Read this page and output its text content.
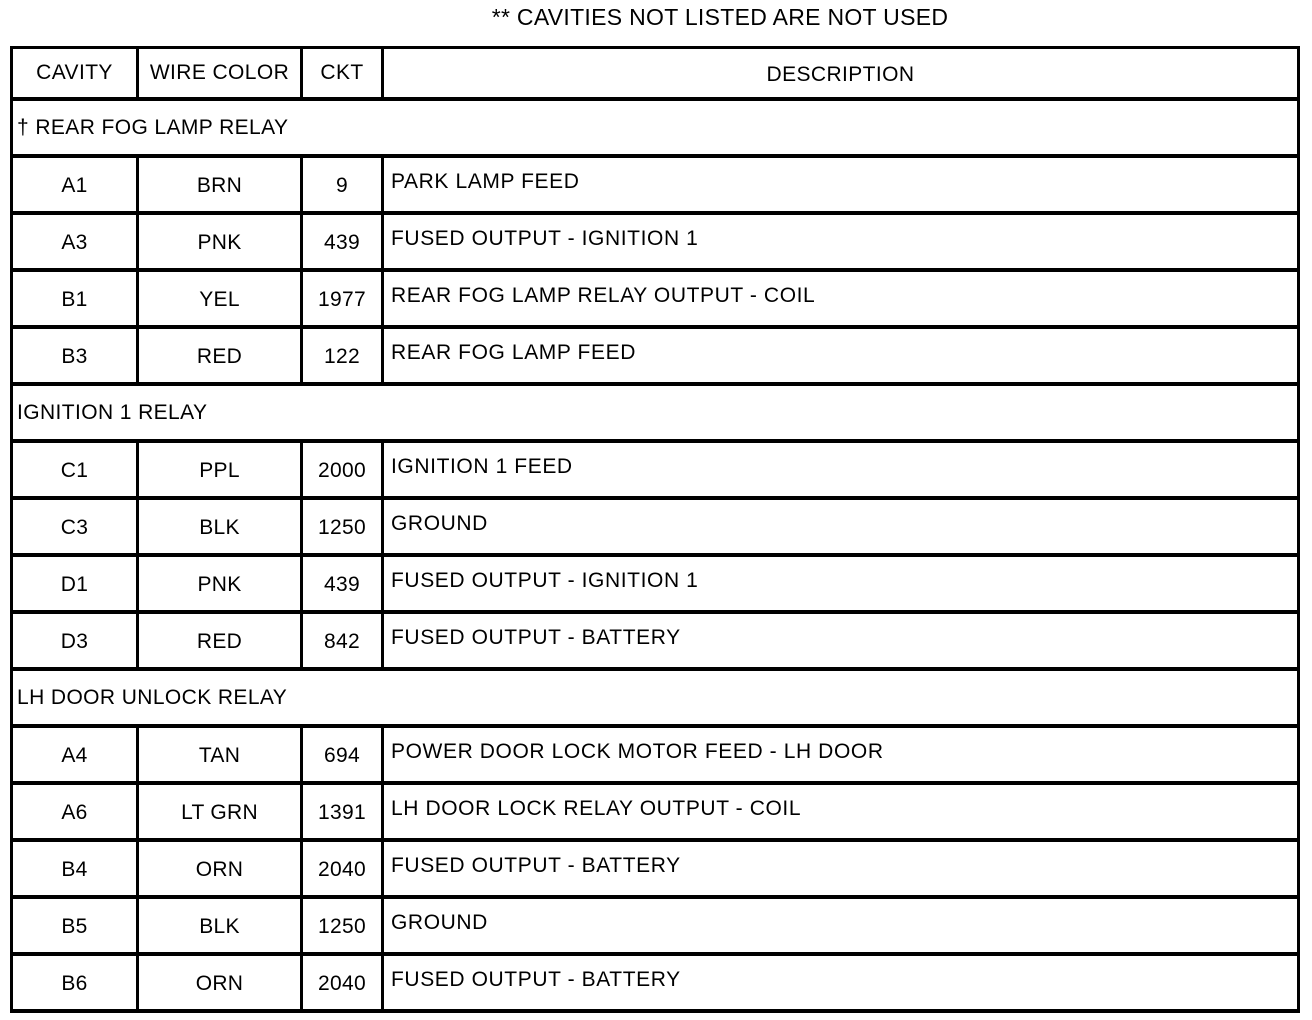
** CAVITIES NOT LISTED ARE NOT USED
CAVITY	WIRE COLOR	CKT	DESCRIPTION
† REAR FOG LAMP RELAY			
A1	BRN	9	PARK LAMP FEED
A3	PNK	439	FUSED OUTPUT - IGNITION 1
B1	YEL	1977	REAR FOG LAMP RELAY OUTPUT - COIL
B3	RED	122	REAR FOG LAMP FEED
IGNITION 1 RELAY			
C1	PPL	2000	IGNITION 1 FEED
C3	BLK	1250	GROUND
D1	PNK	439	FUSED OUTPUT - IGNITION 1
D3	RED	842	FUSED OUTPUT - BATTERY
LH DOOR UNLOCK RELAY			
A4	TAN	694	POWER DOOR LOCK MOTOR FEED - LH DOOR
A6	LT GRN	1391	LH DOOR LOCK RELAY OUTPUT - COIL
B4	ORN	2040	FUSED OUTPUT - BATTERY
B5	BLK	1250	GROUND
B6	ORN	2040	FUSED OUTPUT - BATTERY
